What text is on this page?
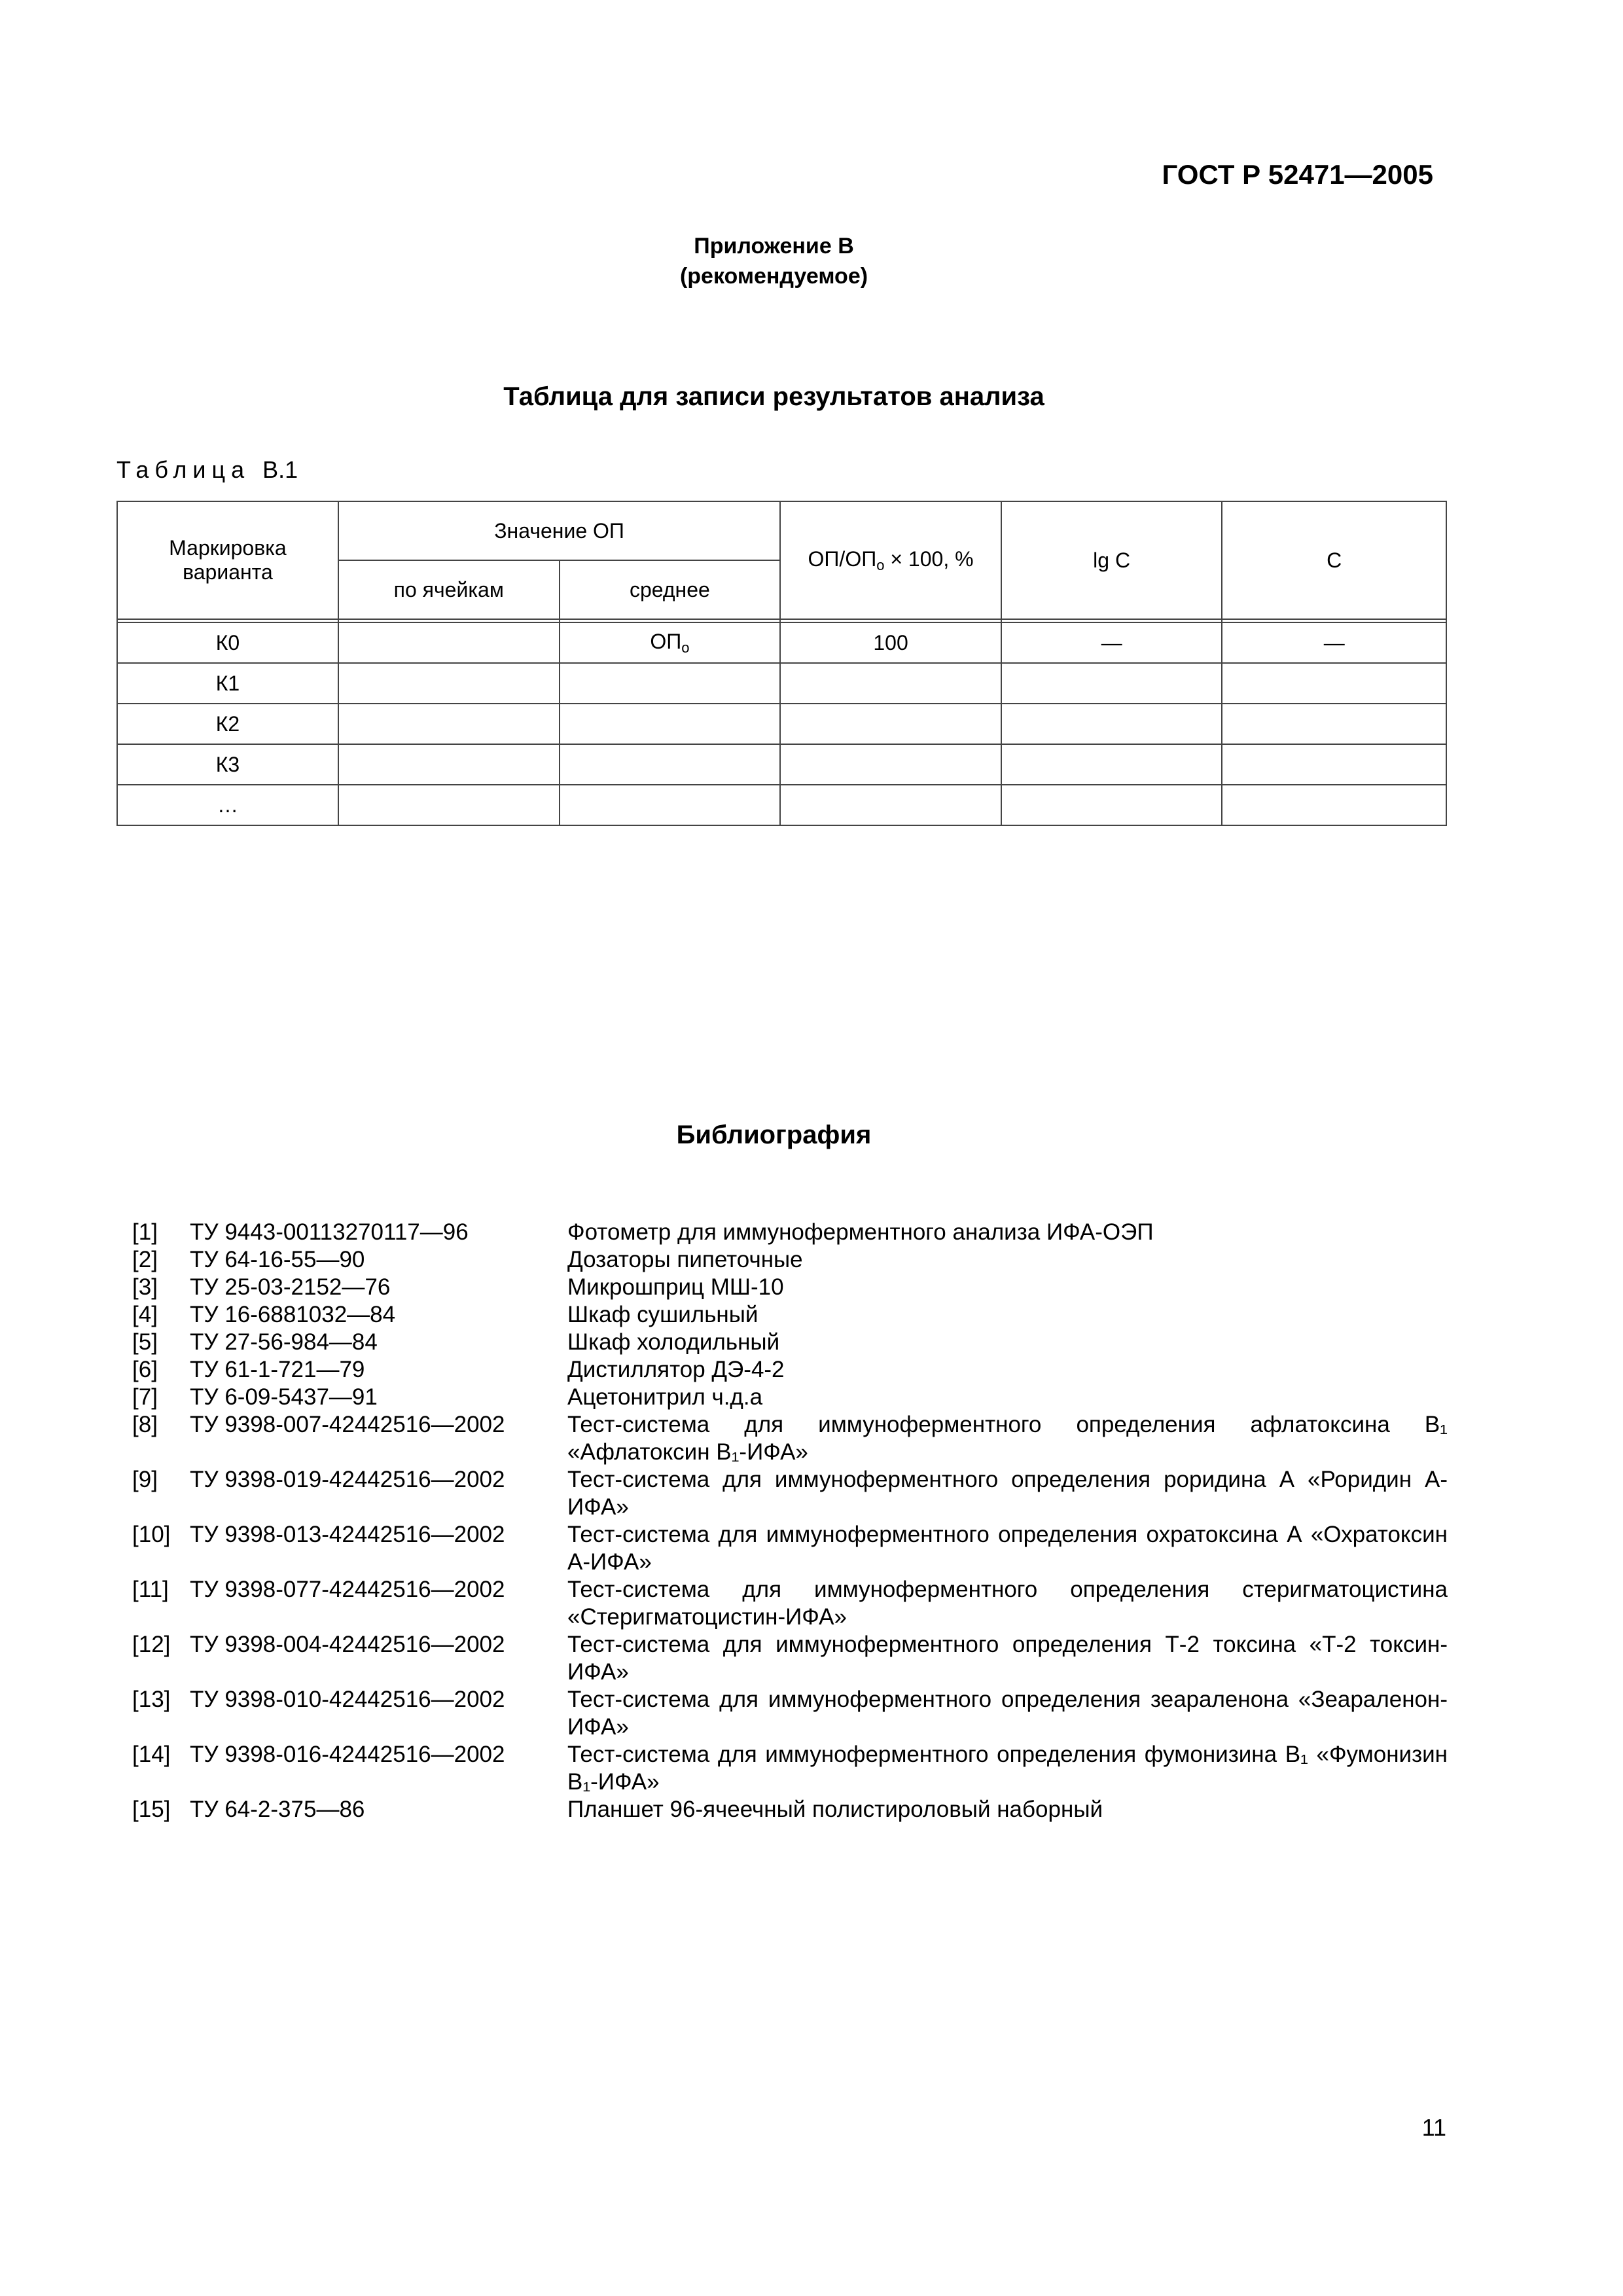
ГОСТ Р 52471—2005
Приложение В
(рекомендуемое)
Таблица для записи результатов анализа
Таблица В.1
Маркировка варианта	Значение ОП		$ОП/ОП_о \times 100$, %	lg C	С
	по ячейкам	среднее			

К0		$ОП_о$	100	—	—
К1					
К2					
К3					
…					
Библиография
[1]	ТУ 9443-00113270117—96	Фотометр для иммуноферментного анализа ИФА-ОЭП
[2]	ТУ 64-16-55—90	Дозаторы пипеточные
[3]	ТУ 25-03-2152—76	Микрошприц МШ-10
[4]	ТУ 16-6881032—84	Шкаф сушильный
[5]	ТУ 27-56-984—84	Шкаф холодильный
[6]	ТУ 61-1-721—79	Дистиллятор ДЭ-4-2
[7]	ТУ 6-09-5437—91	Ацетонитрил ч.д.а
[8]	ТУ 9398-007-42442516—2002	Тест-система для иммуноферментного определения афлатоксина В₁ «Афлатоксин В₁-ИФА»
[9]	ТУ 9398-019-42442516—2002	Тест-система для иммуноферментного определения роридина А «Роридин А-ИФА»
[10] ТУ 9398-013-42442516—2002	Тест-система для иммуноферментного определения охратоксина А «Охратоксин А-ИФА»
[11] ТУ 9398-077-42442516—2002	Тест-система для иммуноферментного определения стеригматоцистина «Стеригматоцистин-ИФА»
[12] ТУ 9398-004-42442516—2002	Тест-система для иммуноферментного определения Т-2 токсина «Т-2 токсин-ИФА»
[13] ТУ 9398-010-42442516—2002	Тест-система для иммуноферментного определения зеараленона «Зеараленон-ИФА»
[14] ТУ 9398-016-42442516—2002	Тест-система для иммуноферментного определения фумонизина В₁ «Фумонизин В₁-ИФА»
[15] ТУ 64-2-375—86	Планшет 96-ячеечный полистироловый наборный
11
